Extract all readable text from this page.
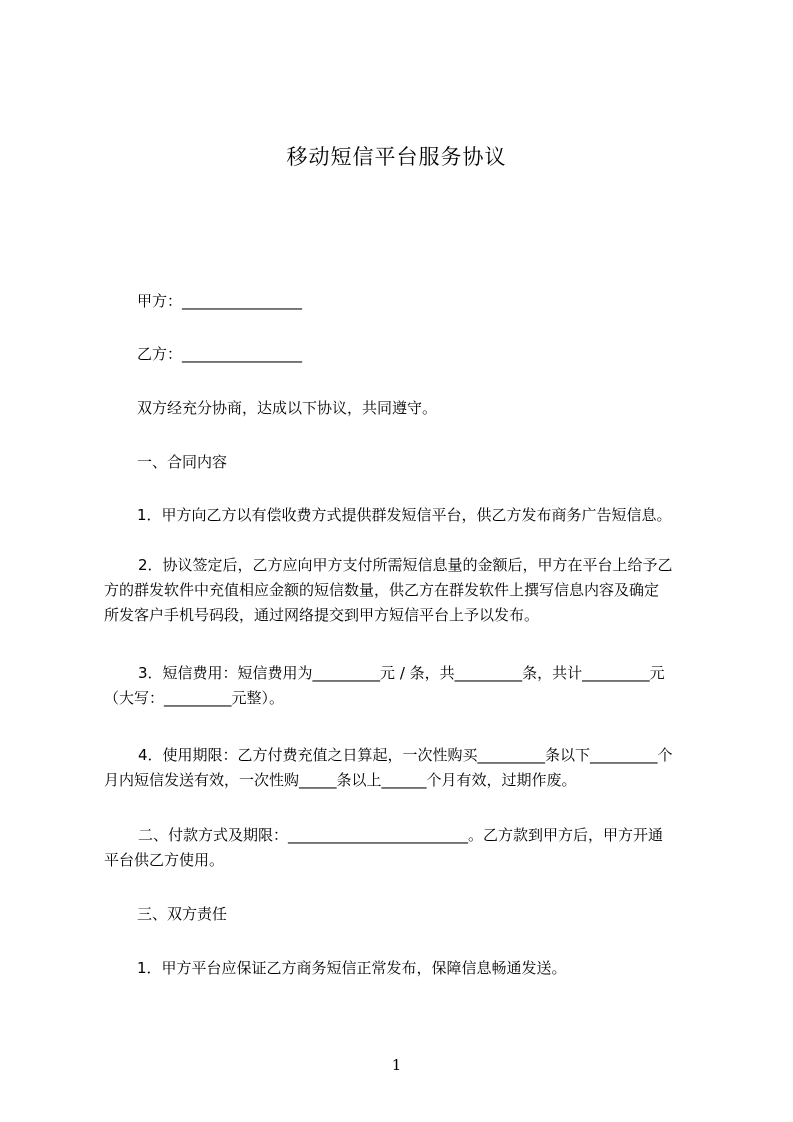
移动短信平台服务协议
甲方：________________
乙方：________________
双方经充分协商，达成以下协议，共同遵守。
一、合同内容
1．甲方向乙方以有偿收费方式提供群发短信平台，供乙方发布商务广告短信息。
2．协议签定后，乙方应向甲方支付所需短信息量的金额后，甲方在平台上给予乙
方的群发软件中充值相应金额的短信数量，供乙方在群发软件上撰写信息内容及确定
所发客户手机号码段，通过网络提交到甲方短信平台上予以发布。
3．短信费用：短信费用为_________元 / 条，共_________条，共计_________元
（大写：_________元整）。
4．使用期限：乙方付费充值之日算起，一次性购买_________条以下_________个
月内短信发送有效，一次性购_____条以上______个月有效，过期作废。
二、付款方式及期限：________________________。乙方款到甲方后，甲方开通
平台供乙方使用。
三、双方责任
1．甲方平台应保证乙方商务短信正常发布，保障信息畅通发送。
1
